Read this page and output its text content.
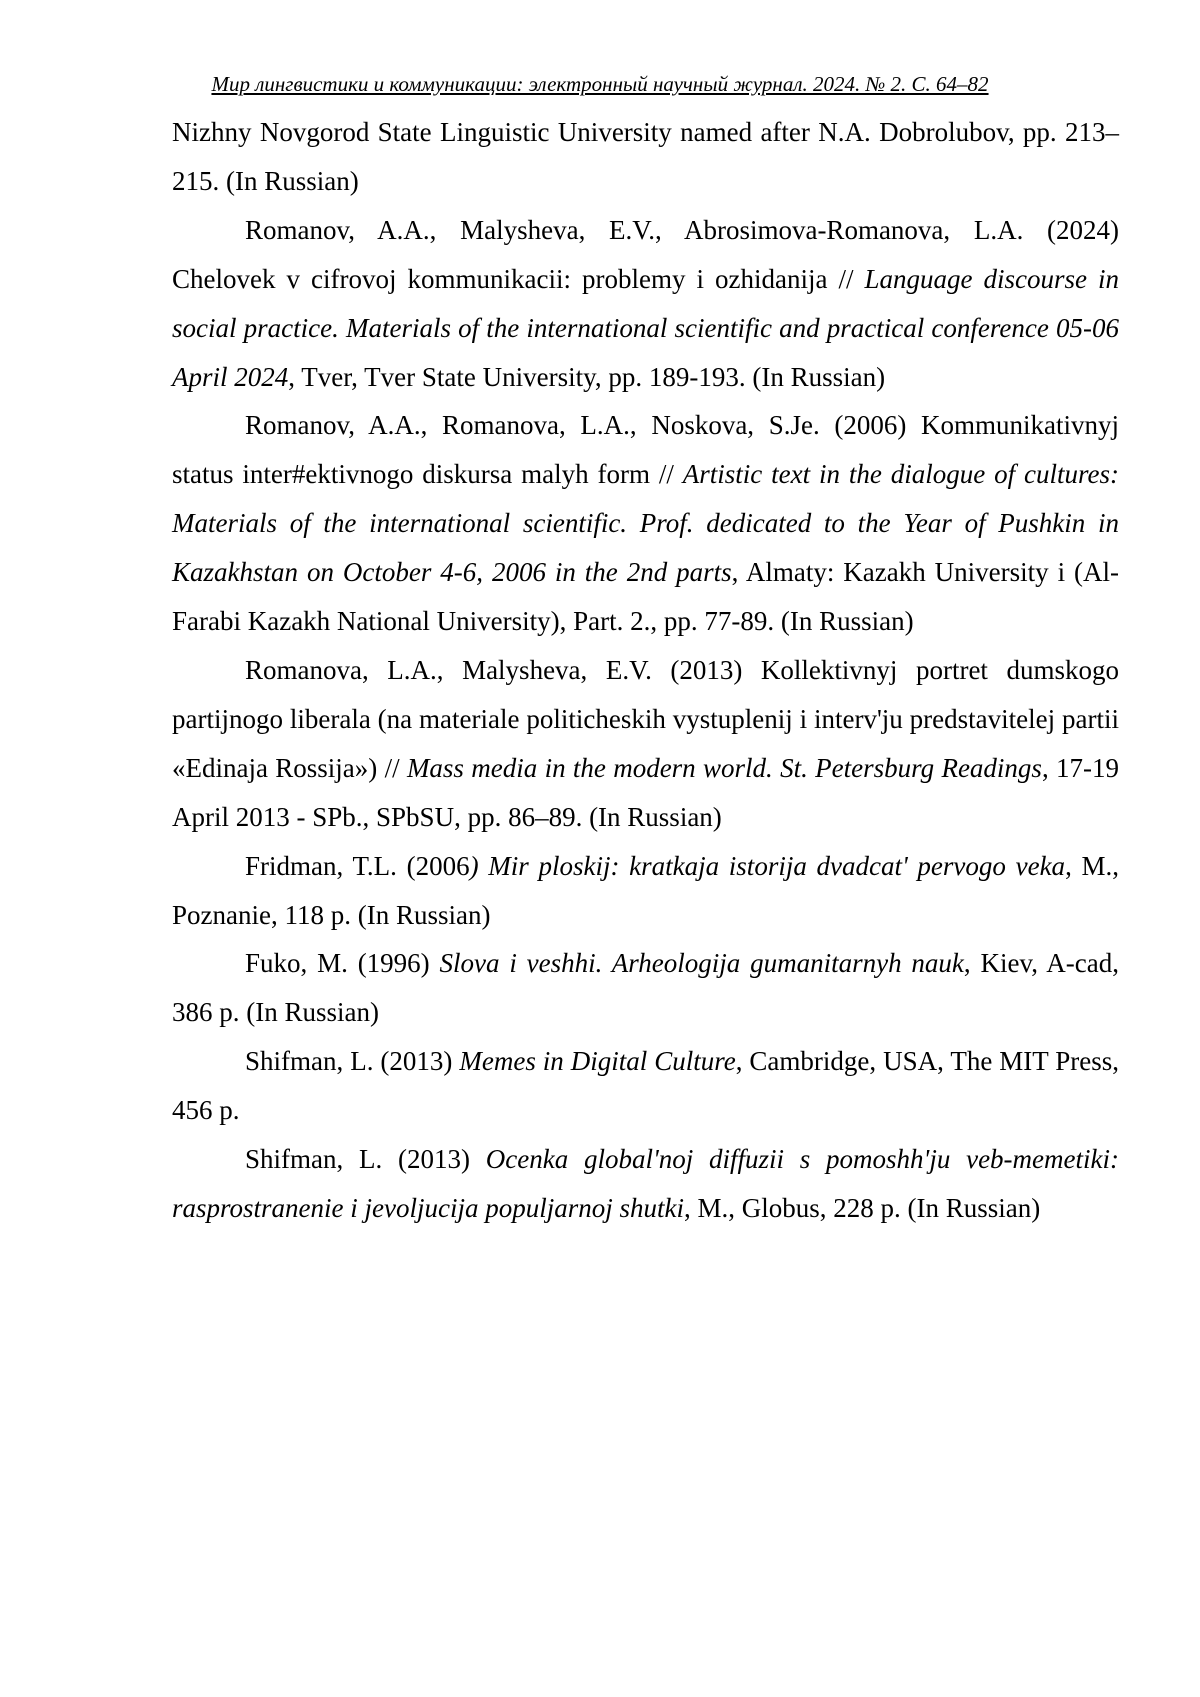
Мир лингвистики и коммуникации: электронный научный журнал. 2024. № 2. С. 64–82

Nizhny Novgorod State Linguistic University named after N.A. Dobrolubov, pp. 213–215. (In Russian)

Romanov, A.A., Malysheva, E.V., Abrosimova-Romanova, L.A. (2024) Chelovek v cifrovoj kommunikacii: problemy i ozhidanija // Language discourse in social practice. Materials of the international scientific and practical conference 05-06 April 2024, Tver, Tver State University, pp. 189-193. (In Russian)

Romanov, A.A., Romanova, L.A., Noskova, S.Je. (2006) Kommunikativnyj status inter#ektivnogo diskursa malyh form // Artistic text in the dialogue of cultures: Materials of the international scientific. Prof. dedicated to the Year of Pushkin in Kazakhstan on October 4-6, 2006 in the 2nd parts, Almaty: Kazakh University i (Al-Farabi Kazakh National University), Part. 2., pp. 77-89. (In Russian)

Romanova, L.A., Malysheva, E.V. (2013) Kollektivnyj portret dumskogo partijnogo liberala (na materiale politicheskih vystuplenij i interv'ju predstavitelej partii «Edinaja Rossija») // Mass media in the modern world. St. Petersburg Readings, 17-19 April 2013 - SPb., SPbSU, pp. 86–89. (In Russian)

Fridman, T.L. (2006) Mir ploskij: kratkaja istorija dvadcat' pervogo veka, M., Poznanie, 118 p. (In Russian)

Fuko, M. (1996) Slova i veshhi. Arheologija gumanitarnyh nauk, Kiev, A-cad, 386 p. (In Russian)

Shifman, L. (2013) Memes in Digital Culture, Cambridge, USA, The MIT Press, 456 p.

Shifman, L. (2013) Ocenka global'noj diffuzii s pomoshh'ju veb-memetiki: rasprostranenie i jevoljucija populjarnoj shutki, M., Globus, 228 p. (In Russian)
